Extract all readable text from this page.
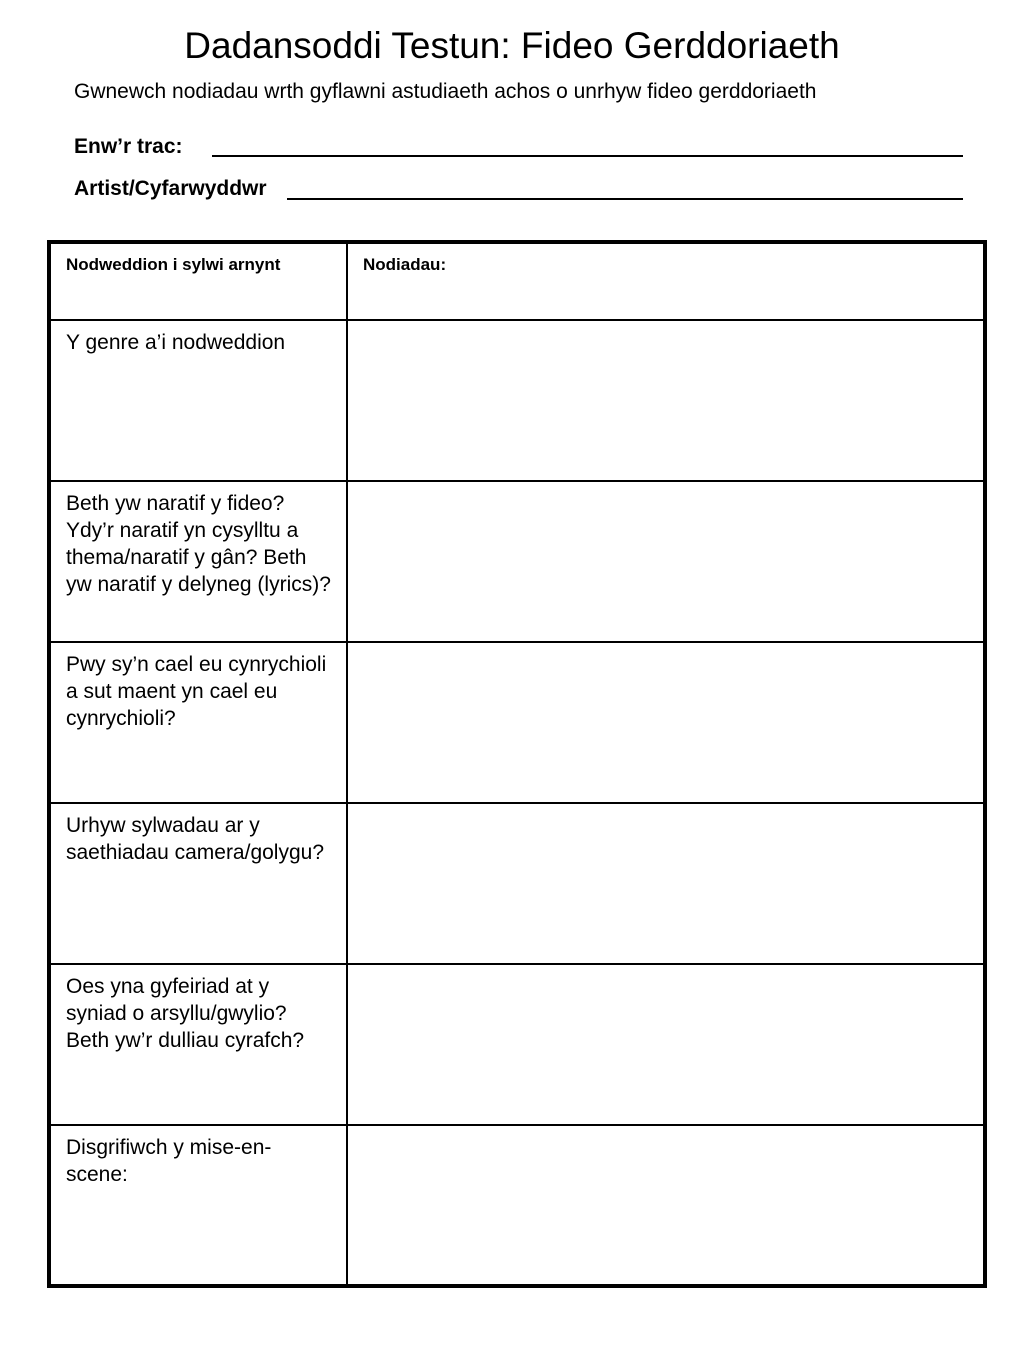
Dadansoddi Testun: Fideo Gerddoriaeth

Gwnewch nodiadau wrth gyflawni astudiaeth achos o unrhyw fideo gerddoriaeth

Enw’r trac:
Artist/Cyfarwyddwr
Nodweddion i sylwi arnynt	Nodiadau:

Y genre a’i nodweddion	

Beth yw naratif y fideo? Ydy’r naratif yn cysylltu a thema/naratif y gân? Beth yw naratif y delyneg (lyrics)?	

Pwy sy’n cael eu cynrychioli a sut maent yn cael eu cynrychioli?	

Urhyw sylwadau ar y saethiadau camera/golygu?	

Oes yna gyfeiriad at y syniad o arsyllu/gwylio? Beth yw’r dulliau cyrafch?	

Disgrifiwch y mise-en-scene:	
